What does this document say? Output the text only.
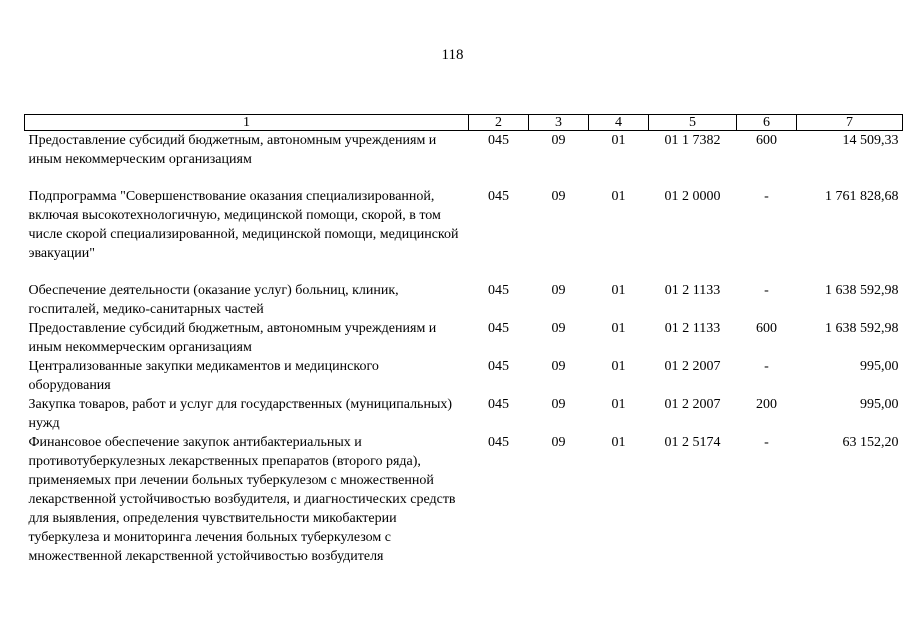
118
1	2	3	4	5	6	7
Предоставление субсидий бюджетным, автономным учреждениям и иным некоммерческим организациям	045	09	01	01 1 7382	600	14 509,33
Подпрограмма "Совершенствование оказания специализированной, включая высокотехнологичную, медицинской помощи, скорой, в том числе скорой специализированной, медицинской помощи, медицинской эвакуации"	045	09	01	01 2 0000	-	1 761 828,68
Обеспечение деятельности (оказание услуг) больниц, клиник, госпиталей, медико-санитарных частей	045	09	01	01 2 1133	-	1 638 592,98
Предоставление субсидий бюджетным, автономным учреждениям и иным некоммерческим организациям	045	09	01	01 2 1133	600	1 638 592,98
Централизованные закупки медикаментов и медицинского оборудования	045	09	01	01 2 2007	-	995,00
Закупка товаров, работ и услуг для государственных (муниципальных) нужд	045	09	01	01 2 2007	200	995,00
Финансовое обеспечение закупок антибактериальных и противотуберкулезных лекарственных препаратов (второго ряда), применяемых при лечении больных туберкулезом с множественной лекарственной устойчивостью возбудителя, и диагностических средств для выявления, определения чувствительности микобактерии туберкулеза и мониторинга лечения больных туберкулезом с множественной лекарственной устойчивостью возбудителя	045	09	01	01 2 5174	-	63 152,20
